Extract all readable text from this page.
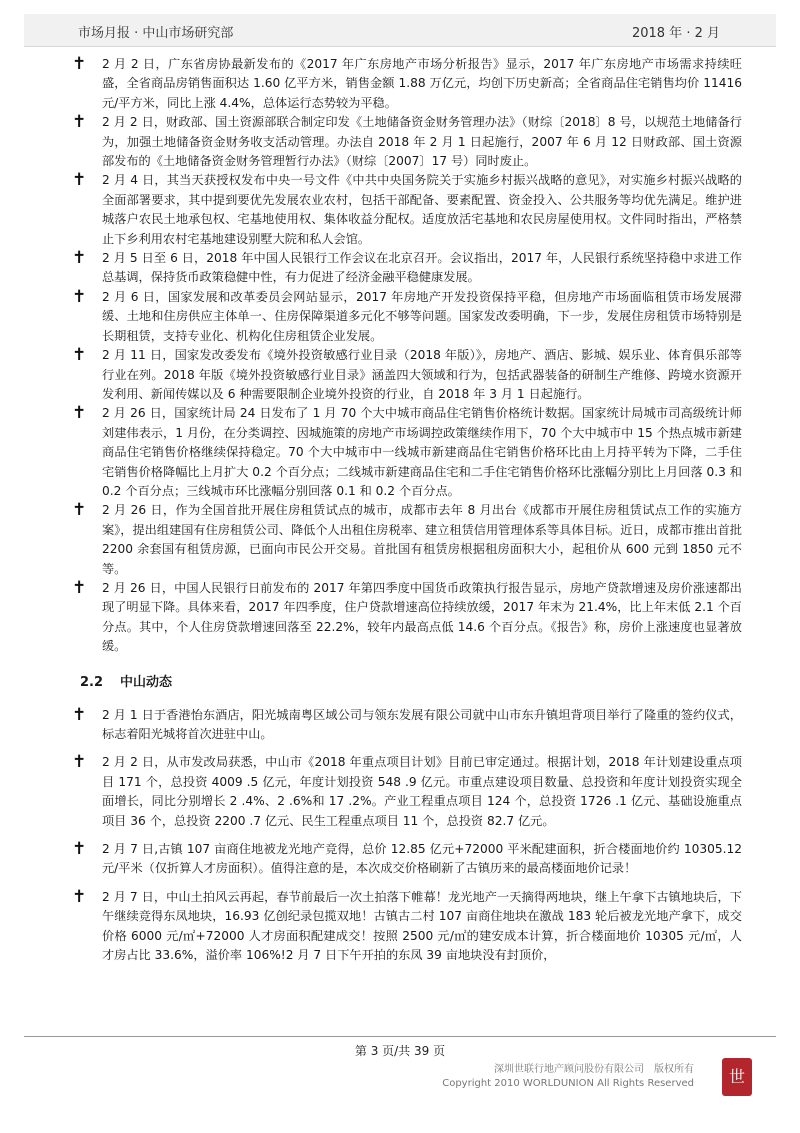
市场月报 · 中山市场研究部	2018 年 · 2 月
✝ 2 月 2 日，广东省房协最新发布的《2017 年广东房地产市场分析报告》显示，2017 年广东房地产市场需求持续旺盛，全省商品房销售面积达 1.60 亿平方米，销售金额 1.88 万亿元，均创下历史新高；全省商品住宅销售均价 11416 元/平方米，同比上涨 4.4%，总体运行态势较为平稳。
✝ 2 月 2 日，财政部、国土资源部联合制定印发《土地储备资金财务管理办法》（财综〔2018〕8 号，以规范土地储备行为，加强土地储备资金财务收支活动管理。办法自 2018 年 2 月 1 日起施行，2007 年 6 月 12 日财政部、国土资源部发布的《土地储备资金财务管理暂行办法》（财综〔2007〕17 号）同时废止。
✝ 2 月 4 日，其当天获授权发布中央一号文件《中共中央国务院关于实施乡村振兴战略的意见》，对实施乡村振兴战略的全面部署要求，其中提到要优先发展农业农村，包括干部配备、要素配置、资金投入、公共服务等均优先满足。维护进城落户农民土地承包权、宅基地使用权、集体收益分配权。适度放活宅基地和农民房屋使用权。文件同时指出，严格禁止下乡利用农村宅基地建设别墅大院和私人会馆。
✝ 2 月 5 日至 6 日，2018 年中国人民银行工作会议在北京召开。会议指出，2017 年，人民银行系统坚持稳中求进工作总基调，保持货币政策稳健中性，有力促进了经济金融平稳健康发展。
✝ 2 月 6 日，国家发展和改革委员会网站显示，2017 年房地产开发投资保持平稳，但房地产市场面临租赁市场发展滞缓、土地和住房供应主体单一、住房保障渠道多元化不够等问题。国家发改委明确，下一步，发展住房租赁市场特别是长期租赁，支持专业化、机构化住房租赁企业发展。
✝ 2 月 11 日，国家发改委发布《境外投资敏感行业目录（2018 年版）》，房地产、酒店、影城、娱乐业、体育俱乐部等行业在列。2018 年版《境外投资敏感行业目录》涵盖四大领域和行为，包括武器装备的研制生产维修、跨境水资源开发利用、新闻传媒以及 6 种需要限制企业境外投资的行业，自 2018 年 3 月 1 日起施行。
✝ 2 月 26 日，国家统计局 24 日发布了 1 月 70 个大中城市商品住宅销售价格统计数据。国家统计局城市司高级统计师刘建伟表示，1 月份，在分类调控、因城施策的房地产市场调控政策继续作用下，70 个大中城市中 15 个热点城市新建商品住宅销售价格继续保持稳定。70 个大中城市中一线城市新建商品住宅销售价格环比由上月持平转为下降，二手住宅销售价格降幅比上月扩大 0.2 个百分点；二线城市新建商品住宅和二手住宅销售价格环比涨幅分别比上月回落 0.3 和 0.2 个百分点；三线城市环比涨幅分别回落 0.1 和 0.2 个百分点。
✝ 2 月 26 日，作为全国首批开展住房租赁试点的城市，成都市去年 8 月出台《成都市开展住房租赁试点工作的实施方案》，提出组建国有住房租赁公司、降低个人出租住房税率、建立租赁信用管理体系等具体目标。近日，成都市推出首批 2200 余套国有租赁房源，已面向市民公开交易。首批国有租赁房根据租房面积大小，起租价从 600 元到 1850 元不等。
✝ 2 月 26 日，中国人民银行日前发布的 2017 年第四季度中国货币政策执行报告显示，房地产贷款增速及房价涨速都出现了明显下降。具体来看，2017 年四季度，住户贷款增速高位持续放缓，2017 年末为 21.4%，比上年末低 2.1 个百分点。其中，个人住房贷款增速回落至 22.2%，较年内最高点低 14.6 个百分点。《报告》称，房价上涨速度也显著放缓。
2.2 中山动态
✝ 2 月 1 日于香港怡东酒店，阳光城南粤区域公司与领东发展有限公司就中山市东升镇坦背项目举行了隆重的签约仪式，标志着阳光城将首次进驻中山。
✝ 2 月 2 日，从市发改局获悉，中山市《2018 年重点项目计划》目前已审定通过。根据计划，2018 年计划建设重点项目 171 个，总投资 4009 .5 亿元，年度计划投资 548 .9 亿元。市重点建设项目数量、总投资和年度计划投资实现全面增长，同比分别增长 2 .4%、2 .6%和 17 .2%。产业工程重点项目 124 个，总投资 1726 .1 亿元、基础设施重点项目 36 个，总投资 2200 .7 亿元、民生工程重点项目 11 个，总投资 82.7 亿元。
✝ 2 月 7 日,古镇 107 亩商住地被龙光地产竞得，总价 12.85 亿元+72000 平米配建面积，折合楼面地价约 10305.12 元/平米（仅折算人才房面积）。值得注意的是，本次成交价格刷新了古镇历来的最高楼面地价记录！
✝ 2 月 7 日，中山土拍风云再起，春节前最后一次土拍落下帷幕！龙光地产一天摘得两地块，继上午拿下古镇地块后，下午继续竞得东凤地块，16.93 亿创纪录包揽双地！古镇古二村 107 亩商住地块在激战 183 轮后被龙光地产拿下，成交价格 6000 元/㎡+72000 人才房面积配建成交！按照 2500 元/㎡的建安成本计算，折合楼面地价 10305 元/㎡，人才房占比 33.6%，溢价率 106%!2 月 7 日下午开拍的东凤 39 亩地块没有封顶价，
第 3 页/共 39 页
深圳世联行地产顾问股份有限公司　版权所有
Copyright 2010 WORLDUNION All Rights Reserved	世
